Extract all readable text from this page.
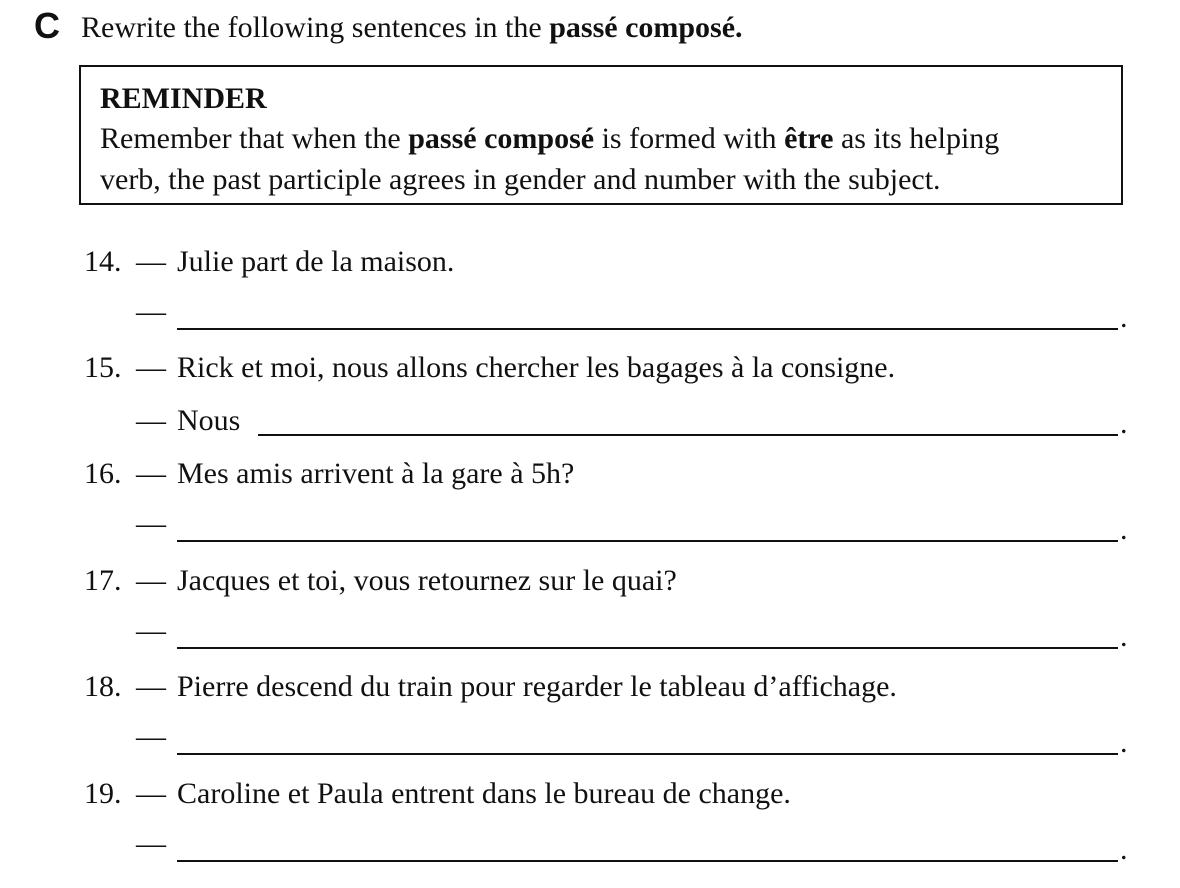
C Rewrite the following sentences in the passé composé.
REMINDER
Remember that when the passé composé is formed with être as its helping
verb, the past participle agrees in gender and number with the subject.
14. — Julie part de la maison.
—	.
15. — Rick et moi, nous allons chercher les bagages à la consigne.
— Nous	.
16. — Mes amis arrivent à la gare à 5h?
—	.
17. — Jacques et toi, vous retournez sur le quai?
—	.
18. — Pierre descend du train pour regarder le tableau d’affichage.
—	.
19. — Caroline et Paula entrent dans le bureau de change.
—	.
